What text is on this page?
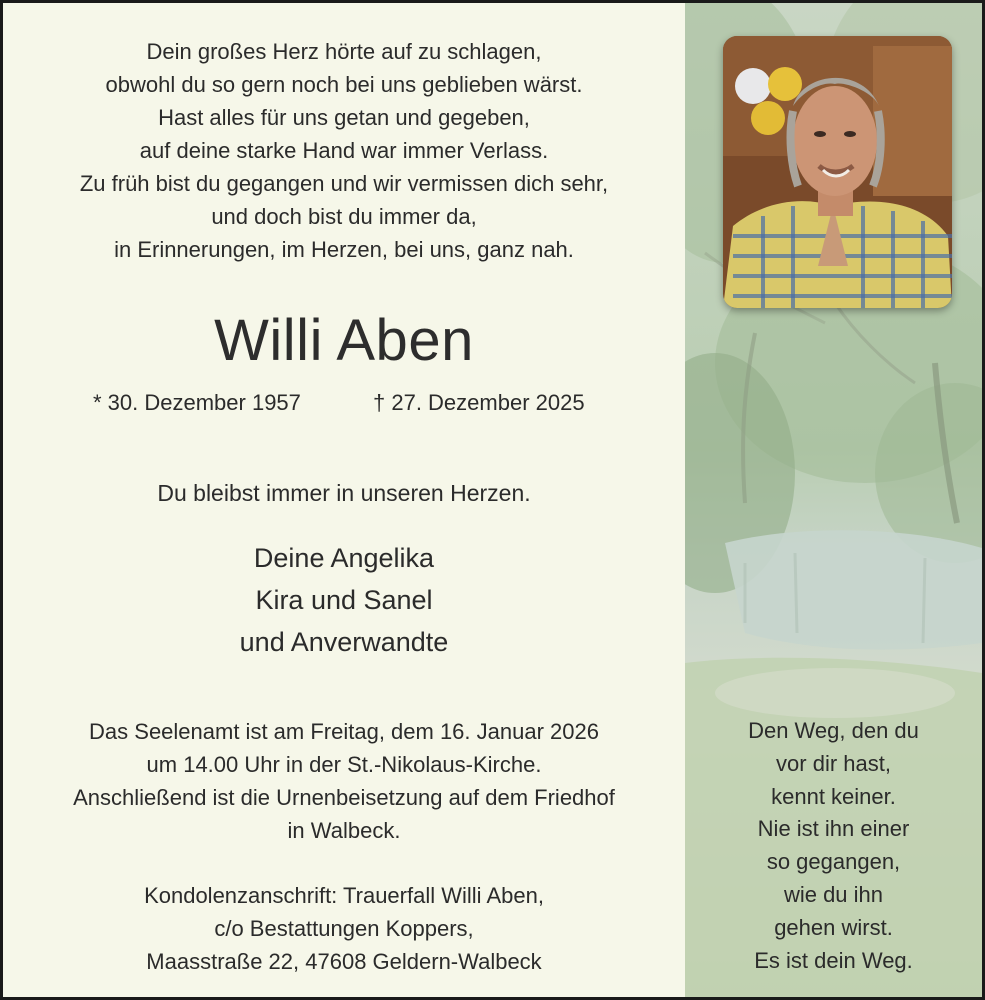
Dein großes Herz hörte auf zu schlagen,
obwohl du so gern noch bei uns geblieben wärst.
Hast alles für uns getan und gegeben,
auf deine starke Hand war immer Verlass.
Zu früh bist du gegangen und wir vermissen dich sehr,
und doch bist du immer da,
in Erinnerungen, im Herzen, bei uns, ganz nah.
Willi Aben
* 30. Dezember 1957	† 27. Dezember 2025
Du bleibst immer in unseren Herzen.
Deine Angelika
Kira und Sanel
und Anverwandte
Das Seelenamt ist am Freitag, dem 16. Januar 2026
um 14.00 Uhr in der St.-Nikolaus-Kirche.
Anschließend ist die Urnenbeisetzung auf dem Friedhof
in Walbeck.
Kondolenzanschrift: Trauerfall Willi Aben,
c/o Bestattungen Koppers,
Maasstraße 22, 47608 Geldern-Walbeck
Den Weg, den du
vor dir hast,
kennt keiner.
Nie ist ihn einer
so gegangen,
wie du ihn
gehen wirst.
Es ist dein Weg.
